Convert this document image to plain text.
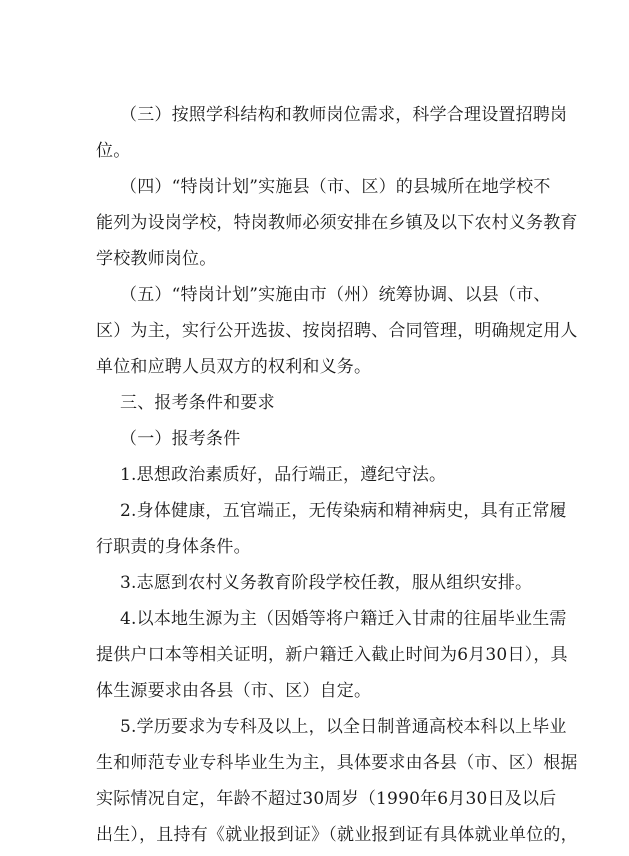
（三）按照学科结构和教师岗位需求，科学合理设置招聘岗
位。
（四）“特岗计划”实施县（市、区）的县城所在地学校不
能列为设岗学校，特岗教师必须安排在乡镇及以下农村义务教育
学校教师岗位。
（五）“特岗计划”实施由市（州）统筹协调、以县（市、
区）为主，实行公开选拔、按岗招聘、合同管理，明确规定用人
单位和应聘人员双方的权利和义务。
三、报考条件和要求
（一）报考条件
1.思想政治素质好，品行端正，遵纪守法。
2.身体健康，五官端正，无传染病和精神病史，具有正常履
行职责的身体条件。
3.志愿到农村义务教育阶段学校任教，服从组织安排。
4.以本地生源为主（因婚等将户籍迁入甘肃的往届毕业生需
提供户口本等相关证明，新户籍迁入截止时间为6月30日），具
体生源要求由各县（市、区）自定。
5.学历要求为专科及以上，以全日制普通高校本科以上毕业
生和师范专业专科毕业生为主，具体要求由各县（市、区）根据
实际情况自定，年龄不超过30周岁（1990年6月30日及以后
出生），且持有《就业报到证》（就业报到证有具体就业单位的，
